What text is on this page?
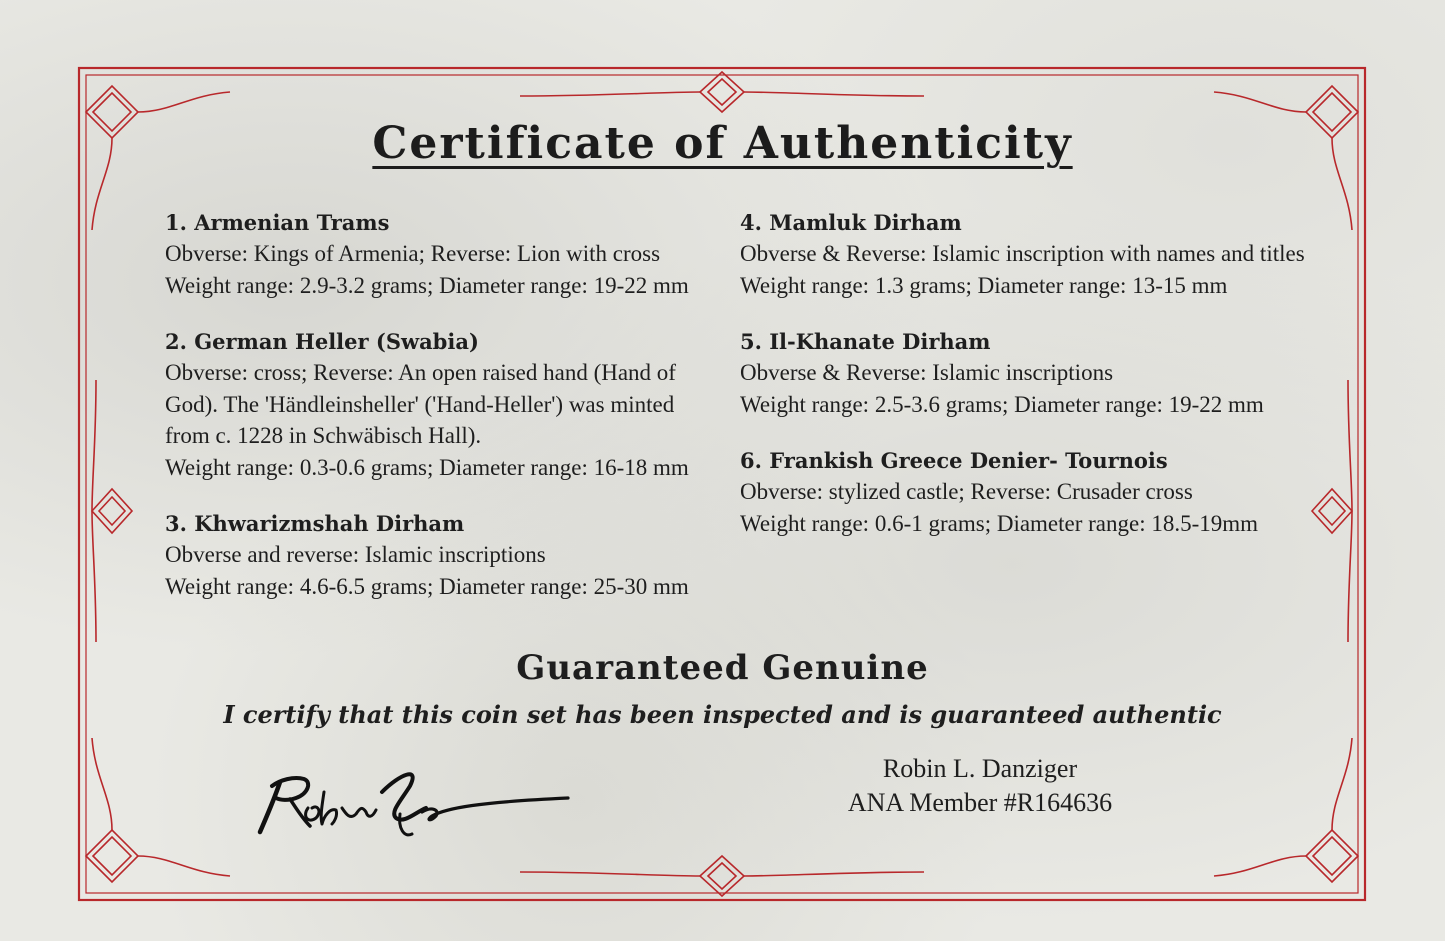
Certificate of Authenticity
1. Armenian Trams
Obverse: Kings of Armenia; Reverse: Lion with cross
Weight range: 2.9-3.2 grams; Diameter range: 19-22 mm
2. German Heller (Swabia)
Obverse: cross; Reverse: An open raised hand (Hand of
God). The 'Händleinsheller' ('Hand-Heller') was minted
from c. 1228 in Schwäbisch Hall).
Weight range: 0.3-0.6 grams; Diameter range: 16-18 mm
3. Khwarizmshah Dirham
Obverse and reverse: Islamic inscriptions
Weight range: 4.6-6.5 grams; Diameter range: 25-30 mm
4. Mamluk Dirham
Obverse & Reverse: Islamic inscription with names and titles
Weight range: 1.3 grams; Diameter range: 13-15 mm
5. Il-Khanate Dirham
Obverse & Reverse: Islamic inscriptions
Weight range: 2.5-3.6 grams; Diameter range: 19-22 mm
6. Frankish Greece Denier- Tournois
Obverse: stylized castle; Reverse: Crusader cross
Weight range: 0.6-1 grams; Diameter range: 18.5-19mm
Guaranteed Genuine
I certify that this coin set has been inspected and is guaranteed authentic
Robin L. Danziger
ANA Member #R164636
